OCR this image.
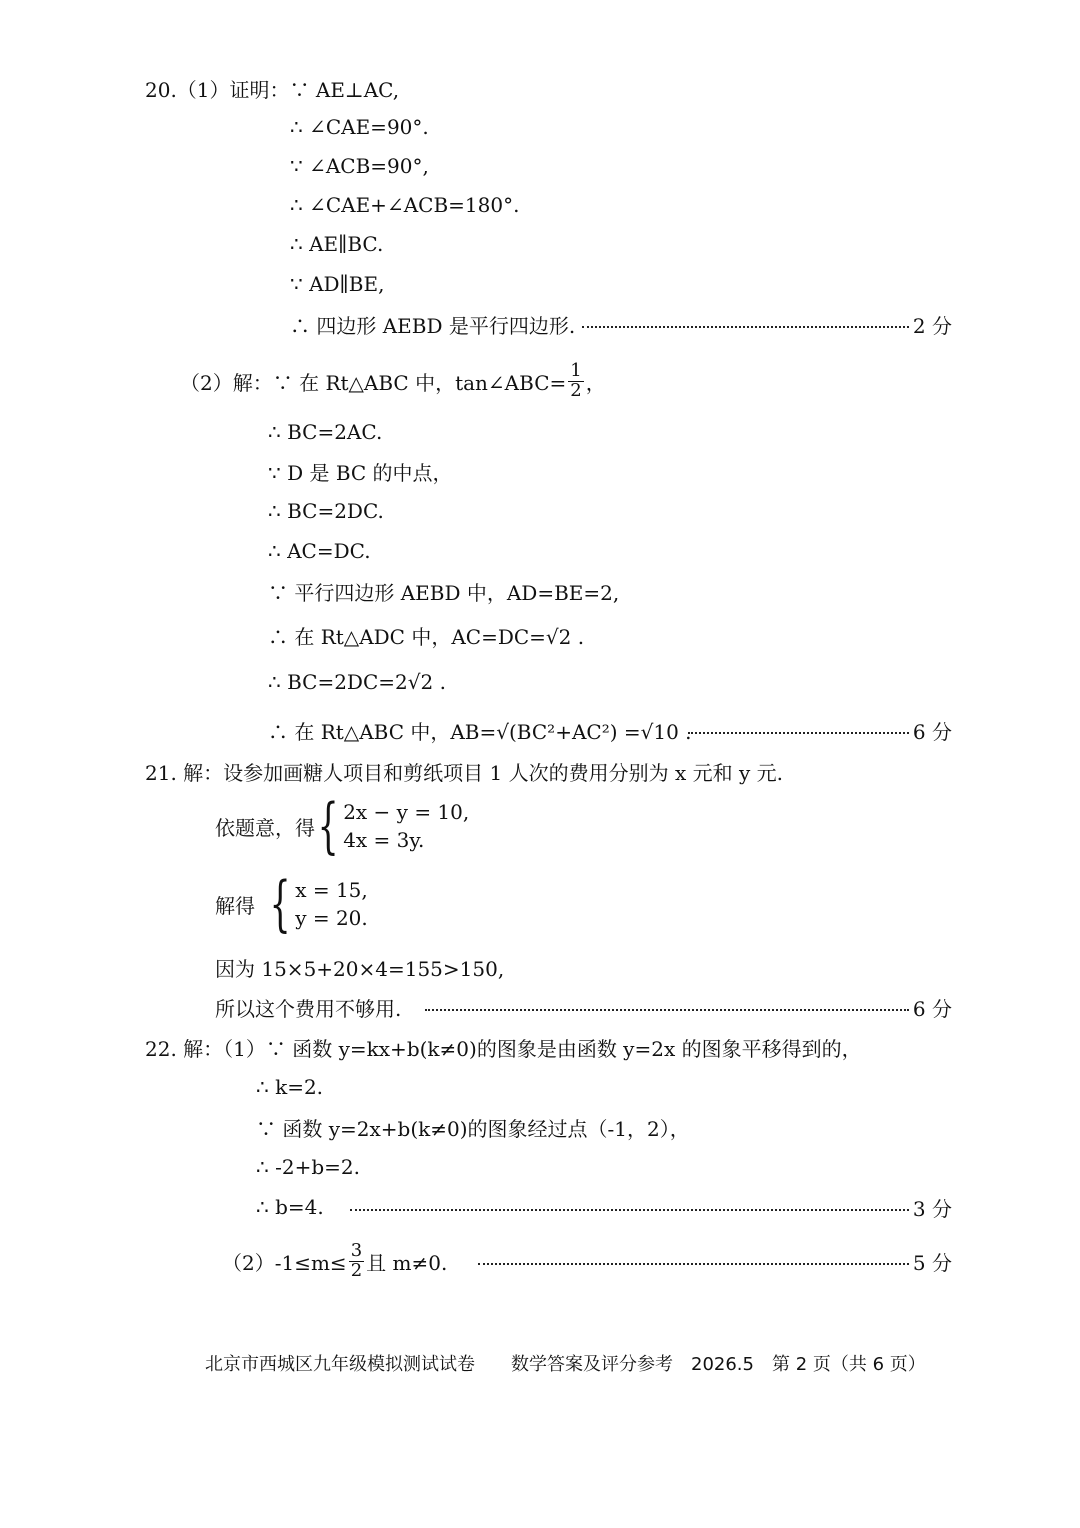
20.（1）证明：∵ AE⊥AC,
∴ ∠CAE=90°.
∵ ∠ACB=90°,
∴ ∠CAE+∠ACB=180°.
∴ AE∥BC.
∵ AD∥BE,
∴ 四边形 AEBD 是平行四边形.	2 分
（2）解：∵ 在 Rt△ABC 中，tan∠ABC= $\frac{1}{2}$ ，
∴ BC=2AC.
∵ D 是 BC 的中点，
∴ BC=2DC.
∴ AC=DC.
∵ 平行四边形 AEBD 中，AD=BE=2,
∴ 在 Rt△ADC 中，AC=DC=√2 .
∴ BC=2DC=2√2 .
∴ 在 Rt△ABC 中，AB=√(BC²+AC²) =√10 .	6 分
21. 解：设参加画糖人项目和剪纸项目 1 人次的费用分别为 x 元和 y 元.
依题意，得 { 2x − y = 10,
4x = 3y.
解得 { x = 15,
y = 20.
因为 15×5+20×4=155>150,
所以这个费用不够用.	6 分
22. 解：（1）∵ 函数 y=kx+b(k≠0)的图象是由函数 y=2x 的图象平移得到的，
∴ k=2.
∵ 函数 y=2x+b(k≠0)的图象经过点（-1，2），
∴ -2+b=2.
∴ b=4.	3 分
$(2)-1\le m\le \frac{3}{2}$ 且 m≠0.	5 分
北京市西城区九年级模拟测试试卷　　数学答案及评分参考　2026.5　第 2 页（共 6 页）
